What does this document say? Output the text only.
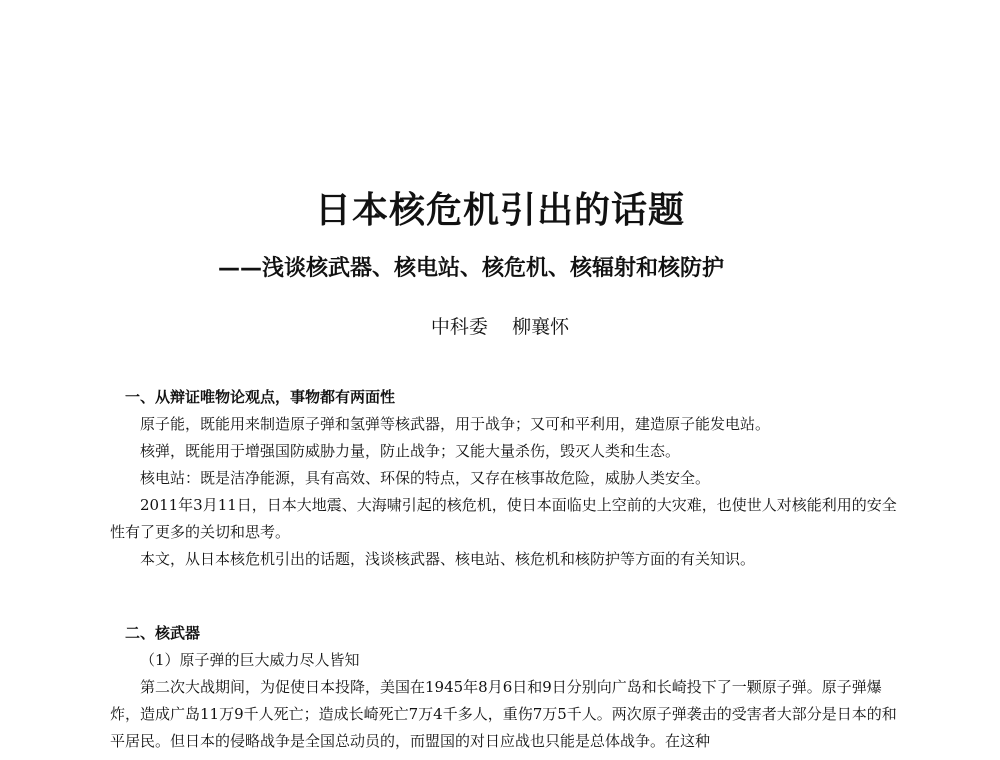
日本核危机引出的话题
——浅谈核武器、核电站、核危机、核辐射和核防护
中科委    柳襄怀

一、从辩证唯物论观点，事物都有两面性

原子能，既能用来制造原子弹和氢弹等核武器，用于战争；又可和平利用，建造原子能发电站。

核弹，既能用于增强国防威胁力量，防止战争；又能大量杀伤，毁灭人类和生态。

核电站：既是洁净能源，具有高效、环保的特点，又存在核事故危险，威胁人类安全。

2011年3月11日，日本大地震、大海啸引起的核危机，使日本面临史上空前的大灾难，也使世人对核能利用的安全性有了更多的关切和思考。

本文，从日本核危机引出的话题，浅谈核武器、核电站、核危机和核防护等方面的有关知识。

二、核武器

（1）原子弹的巨大威力尽人皆知

第二次大战期间，为促使日本投降，美国在1945年8月6日和9日分别向广岛和长崎投下了一颗原子弹。原子弹爆炸，造成广岛11万9千人死亡；造成长崎死亡7万4千多人，重伤7万5千人。两次原子弹袭击的受害者大部分是日本的和平居民。但日本的侵略战争是全国总动员的，而盟国的对日应战也只能是总体战争。在这种
